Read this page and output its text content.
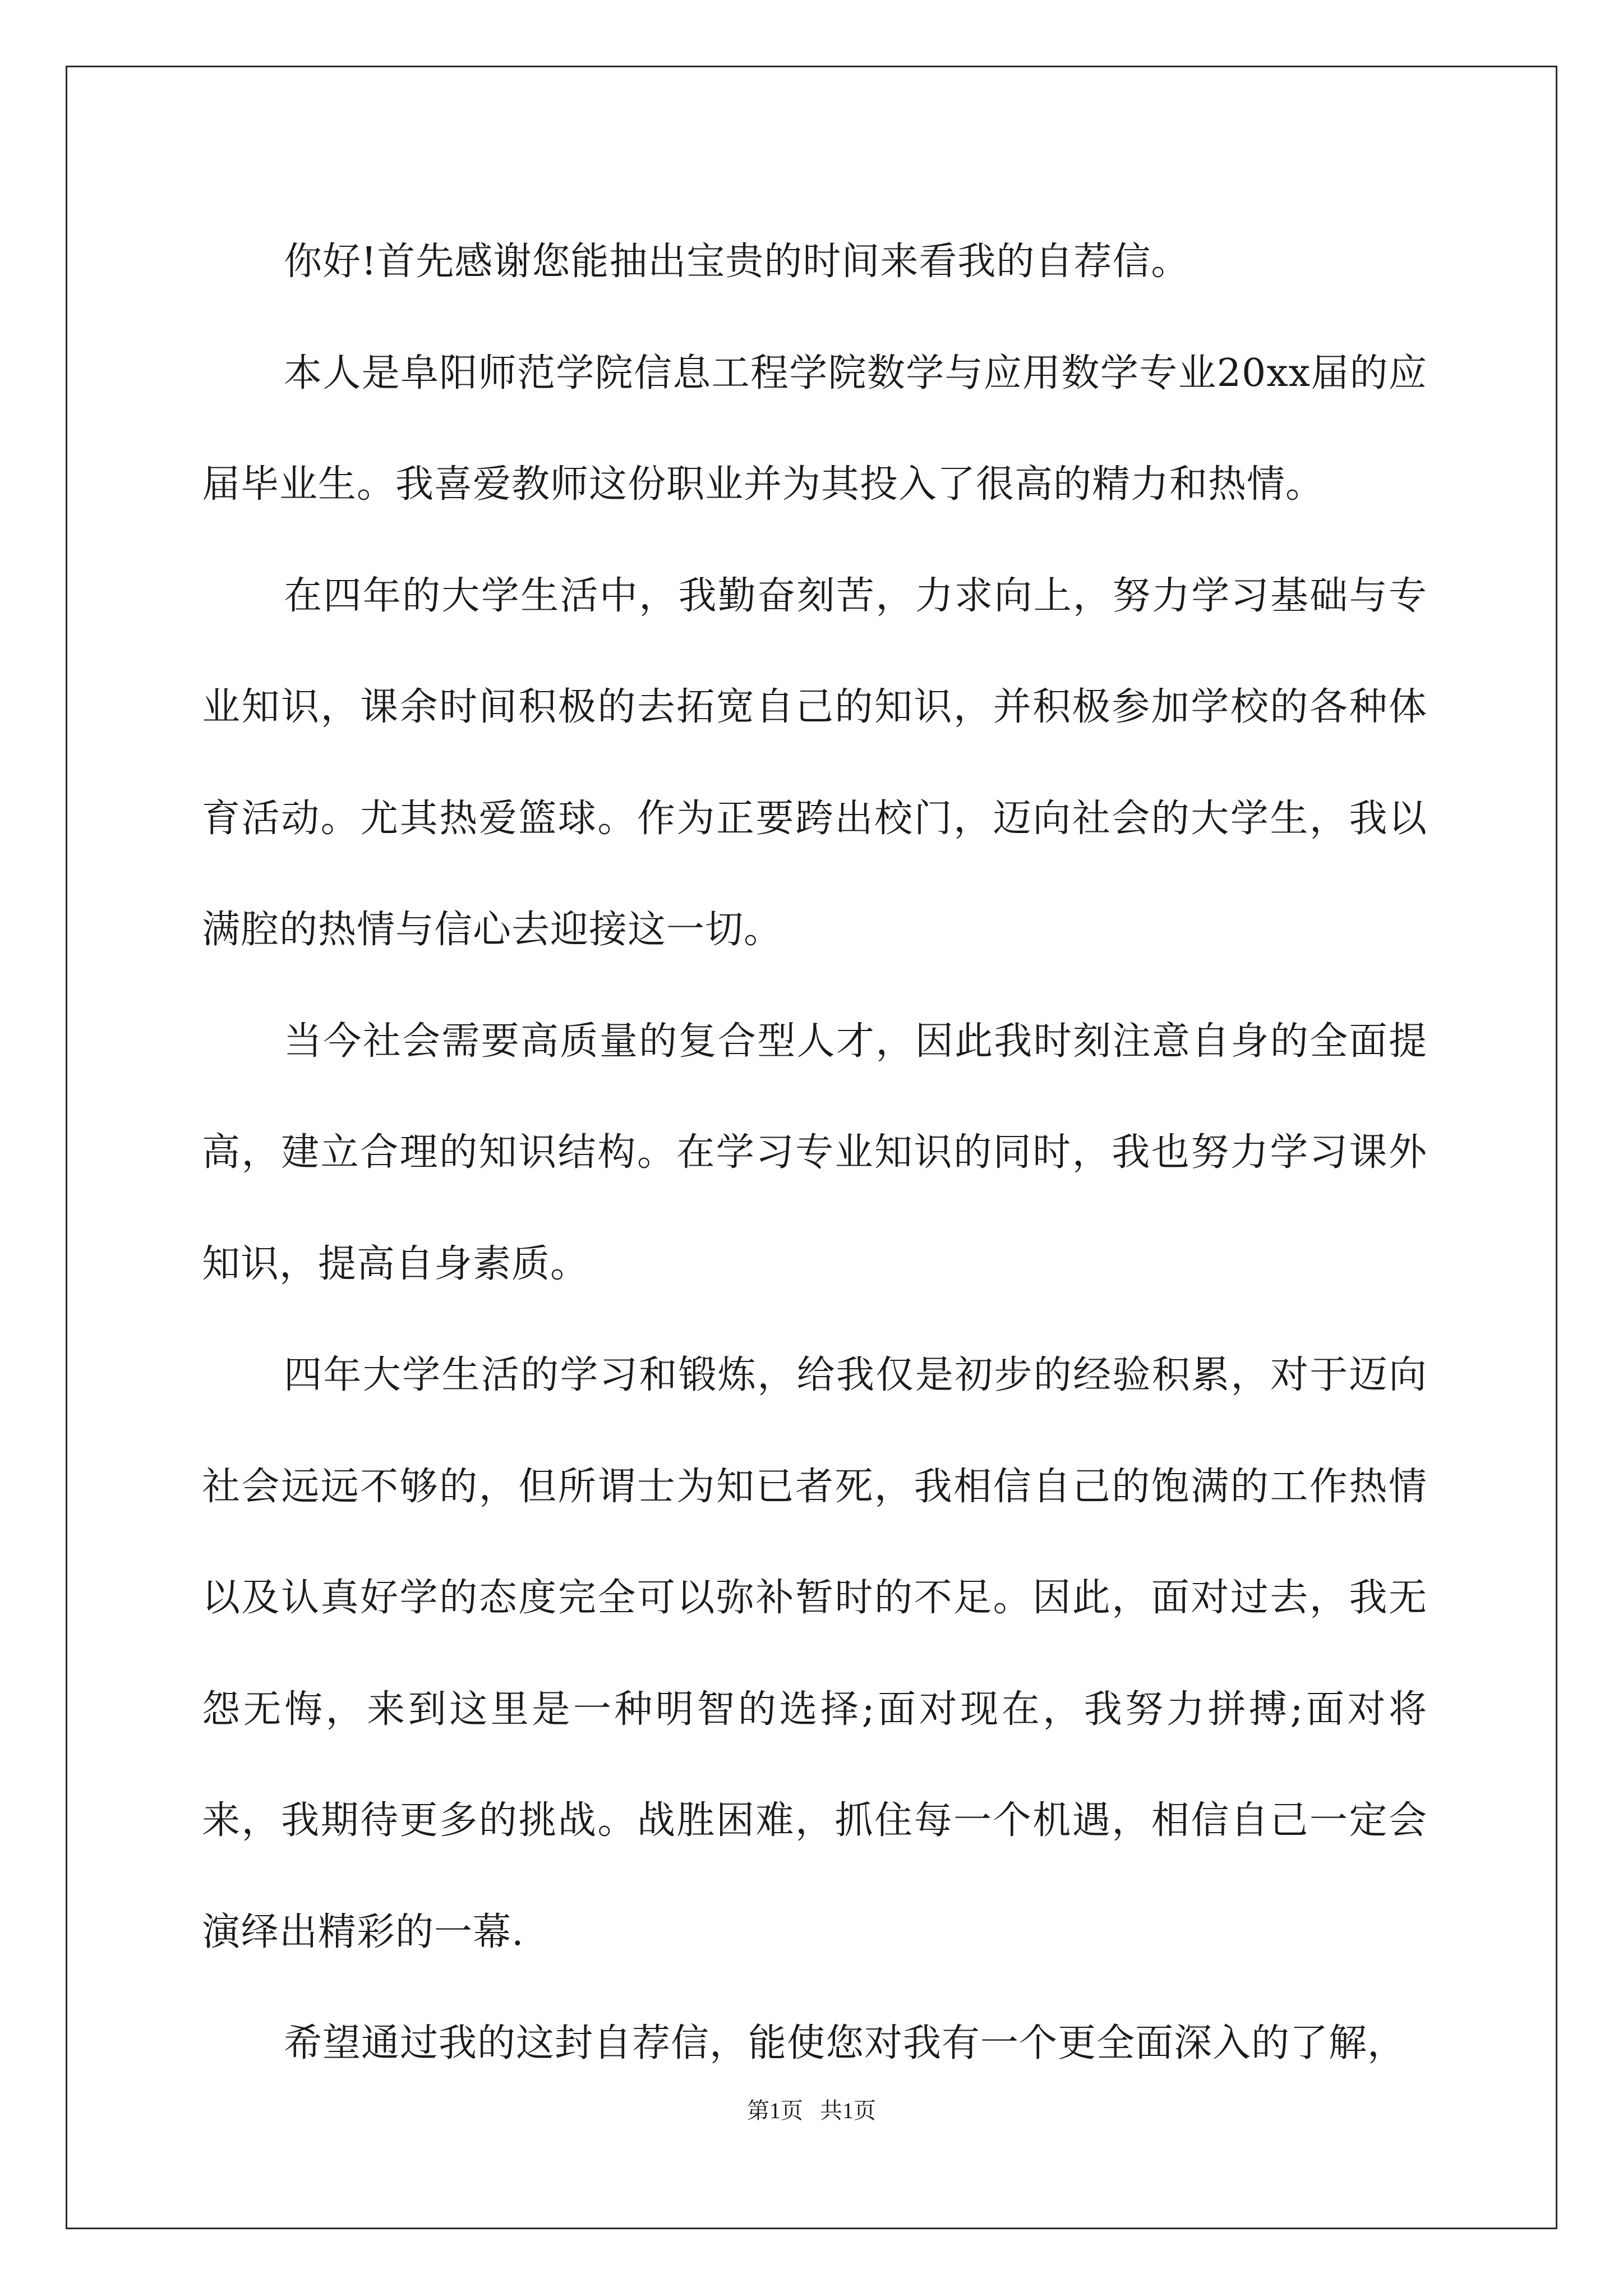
你好!首先感谢您能抽出宝贵的时间来看我的自荐信。

本人是阜阳师范学院信息工程学院数学与应用数学专业20xx届的应届毕业生。我喜爱教师这份职业并为其投入了很高的精力和热情。

在四年的大学生活中，我勤奋刻苦，力求向上，努力学习基础与专业知识，课余时间积极的去拓宽自己的知识，并积极参加学校的各种体育活动。尤其热爱篮球。作为正要跨出校门，迈向社会的大学生，我以满腔的热情与信心去迎接这一切。

当今社会需要高质量的复合型人才，因此我时刻注意自身的全面提高，建立合理的知识结构。在学习专业知识的同时，我也努力学习课外知识，提高自身素质。

四年大学生活的学习和锻炼，给我仅是初步的经验积累，对于迈向社会远远不够的，但所谓士为知已者死，我相信自己的饱满的工作热情以及认真好学的态度完全可以弥补暂时的不足。因此，面对过去，我无怨无悔，来到这里是一种明智的选择;面对现在，我努力拼搏;面对将来，我期待更多的挑战。战胜困难，抓住每一个机遇，相信自己一定会演绎出精彩的一幕.

希望通过我的这封自荐信，能使您对我有一个更全面深入的了解，

第1页 共1页
